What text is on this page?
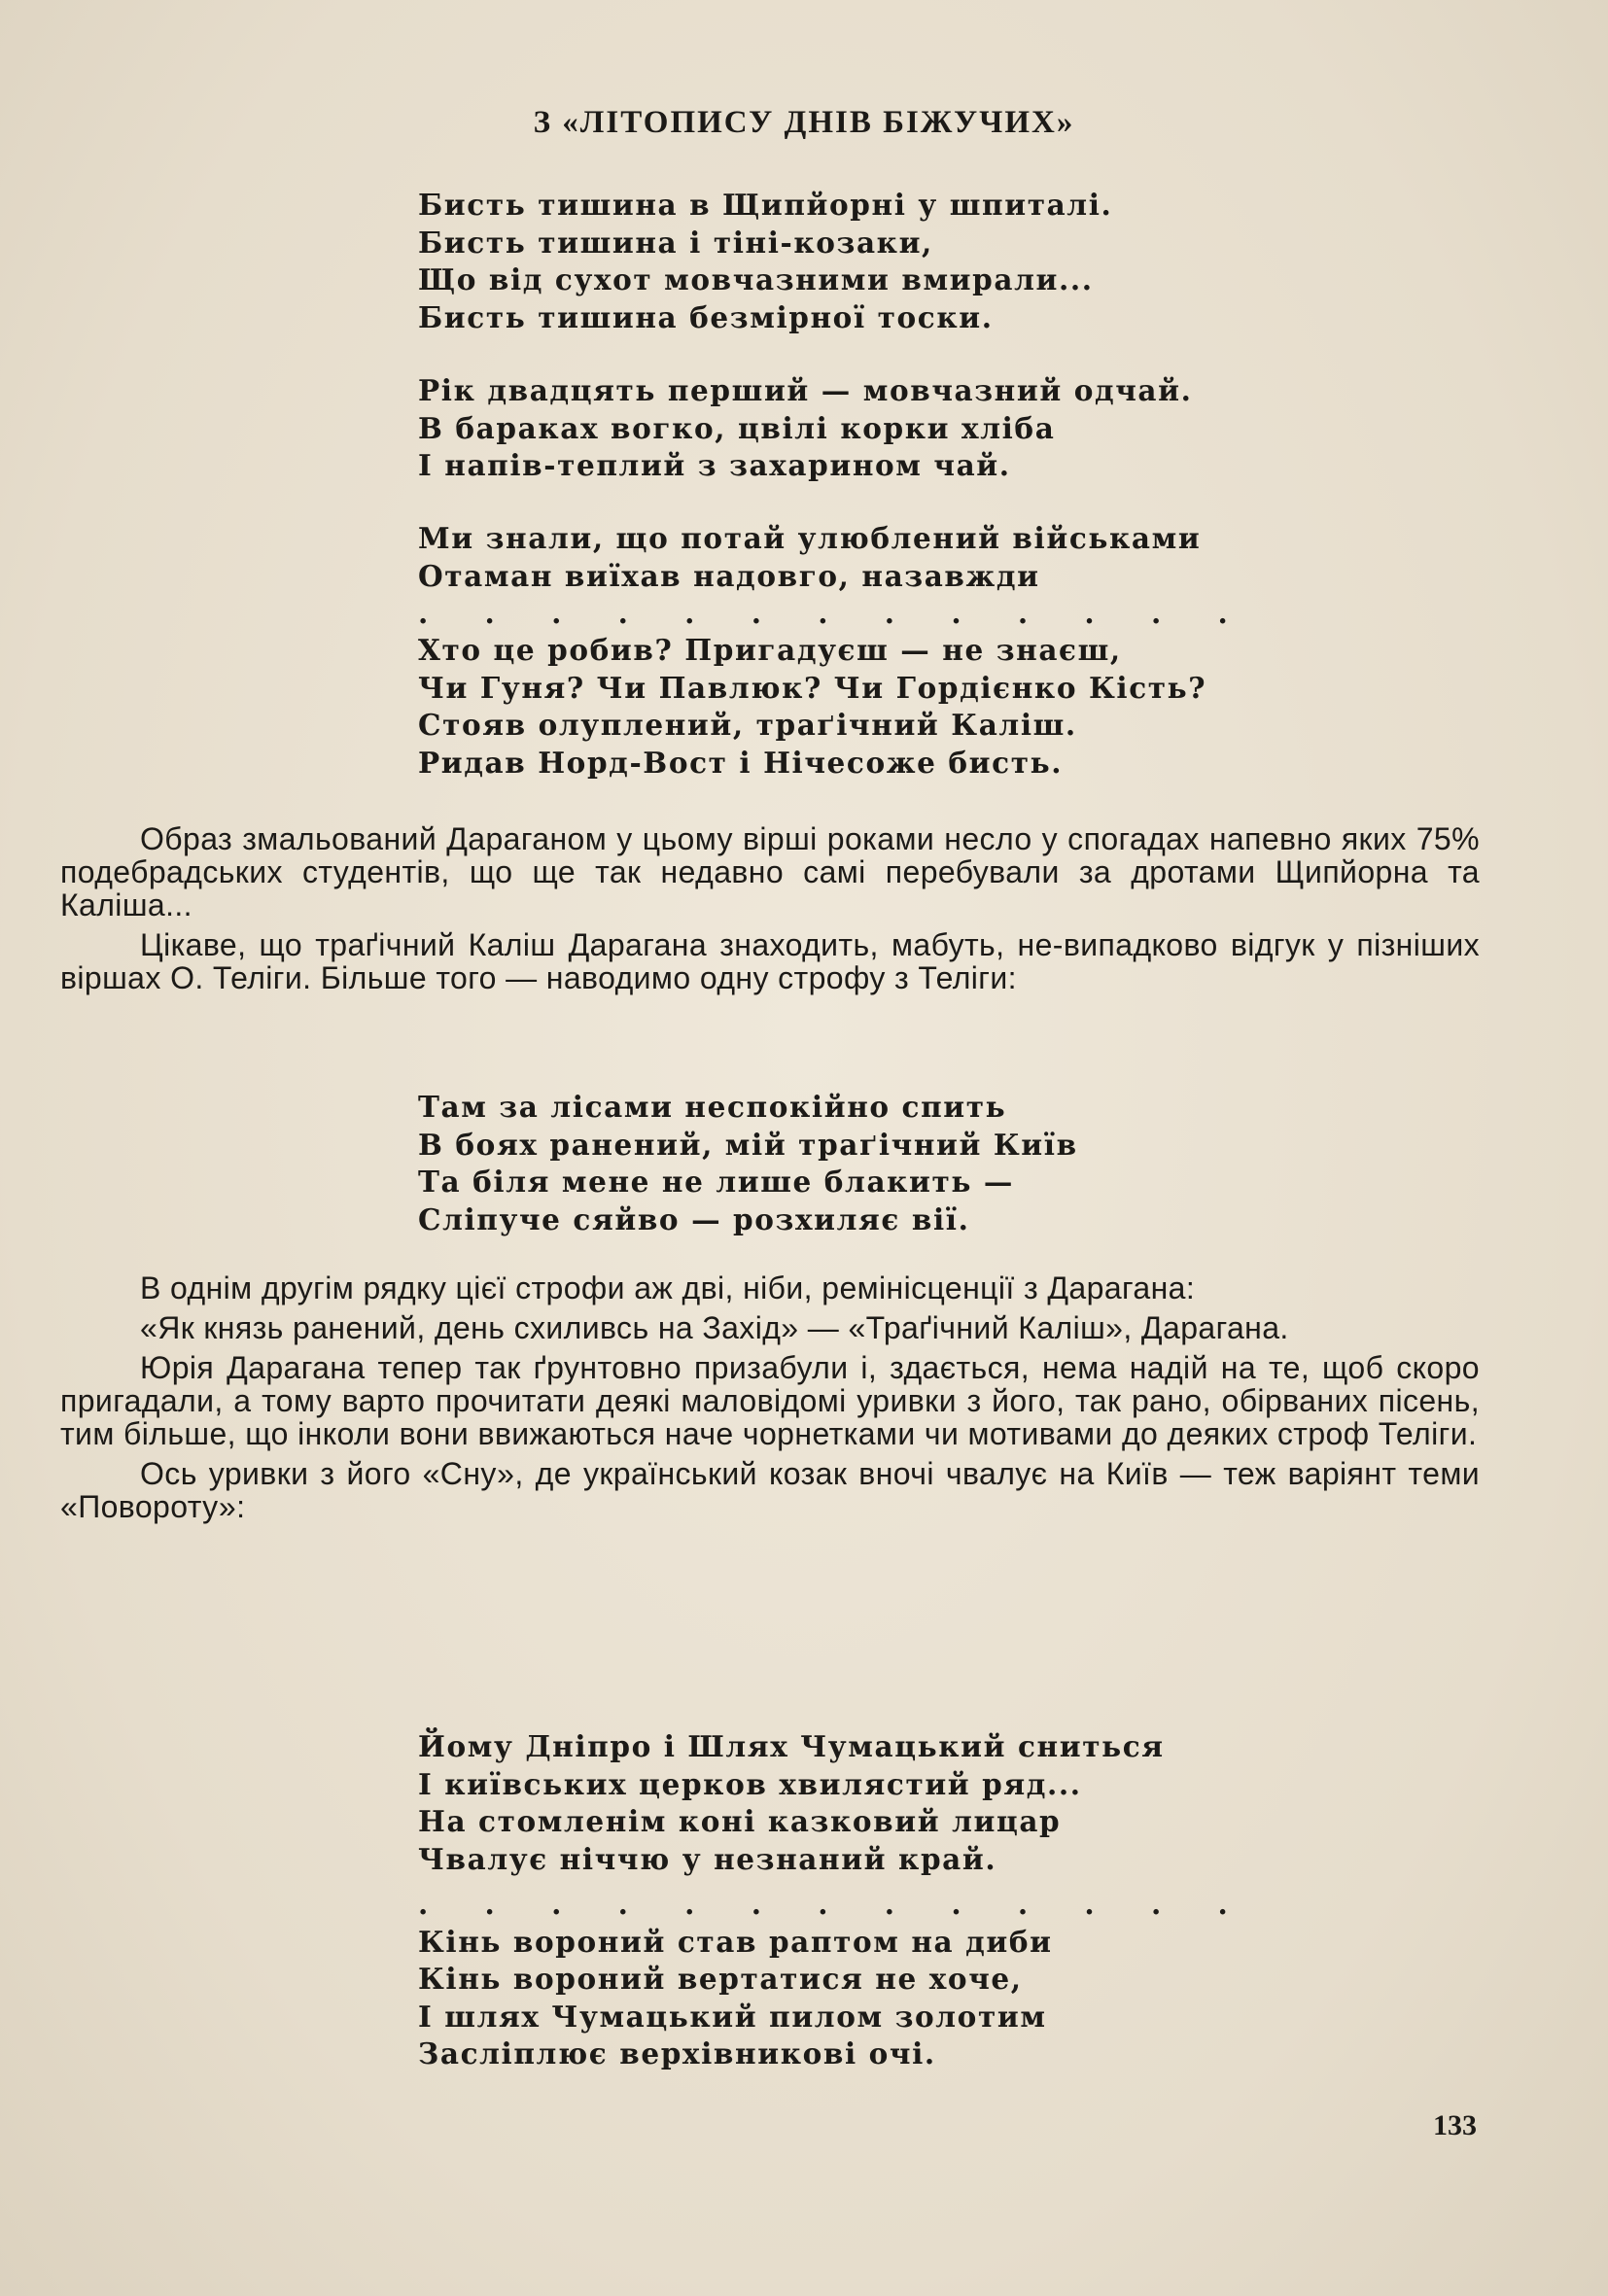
З «ЛІТОПИСУ ДНІВ БІЖУЧИХ»
Бисть тишина в Щипйорні у шпиталі.
Бисть тишина і тіні-козаки,
Що від сухот мовчазними вмирали...
Бисть тишина безмірної тоски.
Рік двадцять перший — мовчазний одчай.
В бараках вогко, цвілі корки хліба
І напів-теплий з захарином чай.
Ми знали, що потай улюблений військами
Отаман виїхав надовго, назавжди
. . . . . . . . . . . . .
Хто це робив? Пригадуєш — не знаєш,
Чи Гуня? Чи Павлюк? Чи Гордієнко Кість?
Стояв олуплений, траґічний Каліш.
Ридав Норд-Вост і Нічесоже бисть.

Образ змальований Дараганом у цьому вірші роками несло у спогадах напевно яких 75% подебрадських студентів, що ще так недавно самі перебували за дротами Щипйорна та Каліша...

Цікаве, що траґічний Каліш Дарагана знаходить, мабуть, не-випадково відгук у пізніших віршах О. Теліги. Більше того — наводимо одну строфу з Теліги:

Там за лісами неспокійно спить
В боях ранений, мій траґічний Київ
Та біля мене не лише блакить —
Сліпуче сяйво — розхиляє вії.

В однім другім рядку цієї строфи аж дві, ніби, ремінісценції з Дарагана:

«Як князь ранений, день схиливсь на Захід» — «Траґічний Каліш», Дарагана.

Юрія Дарагана тепер так ґрунтовно призабули і, здається, нема надій на те, щоб скоро пригадали, а тому варто прочитати деякі маловідомі уривки з його, так рано, обірваних пісень, тим більше, що інколи вони ввижаються наче чорнетками чи мотивами до деяких строф Теліги.

Ось уривки з його «Сну», де український козак вночі чвалує на Київ — теж варіянт теми «Повороту»:

Йому Дніпро і Шлях Чумацький сниться
І київських церков хвилястий ряд...
На стомленім коні казковий лицар
Чвалує ніччю у незнаний край.
. . . . . . . . . . . . .
Кінь вороний став раптом на диби
Кінь вороний вертатися не хоче,
І шлях Чумацький пилом золотим
Засліплює верхівникові очі.
133
